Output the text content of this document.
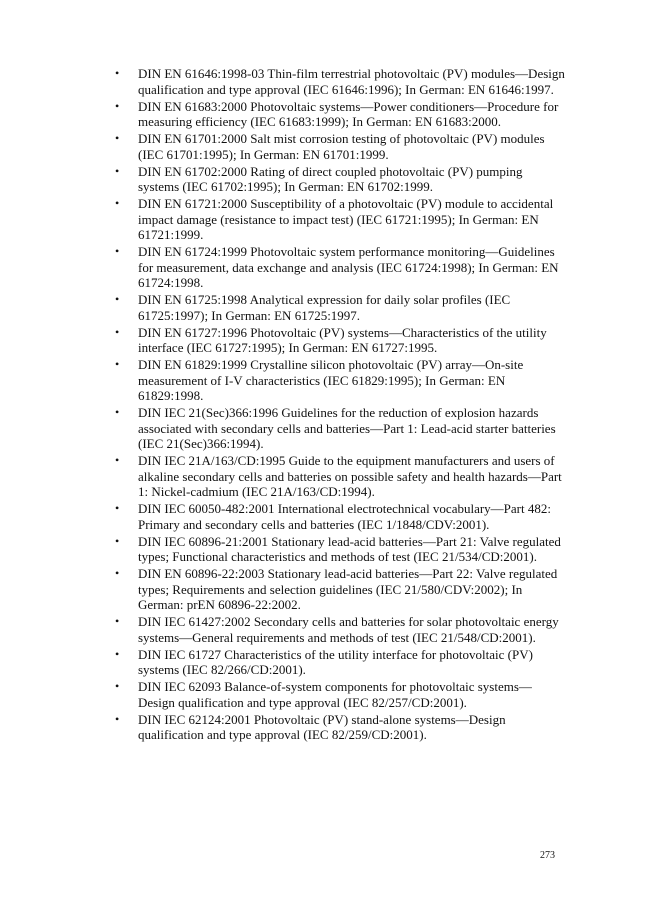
• DIN EN 61646:1998-03 Thin-film terrestrial photovoltaic (PV) modules—Design qualification and type approval (IEC 61646:1996); In German: EN 61646:1997.
• DIN EN 61683:2000 Photovoltaic systems—Power conditioners—Procedure for measuring efficiency (IEC 61683:1999); In German: EN 61683:2000.
• DIN EN 61701:2000 Salt mist corrosion testing of photovoltaic (PV) modules (IEC 61701:1995); In German: EN 61701:1999.
• DIN EN 61702:2000 Rating of direct coupled photovoltaic (PV) pumping systems (IEC 61702:1995); In German: EN 61702:1999.
• DIN EN 61721:2000 Susceptibility of a photovoltaic (PV) module to accidental impact damage (resistance to impact test) (IEC 61721:1995); In German: EN 61721:1999.
• DIN EN 61724:1999 Photovoltaic system performance monitoring—Guidelines for measurement, data exchange and analysis (IEC 61724:1998); In German: EN 61724:1998.
• DIN EN 61725:1998 Analytical expression for daily solar profiles (IEC 61725:1997); In German: EN 61725:1997.
• DIN EN 61727:1996 Photovoltaic (PV) systems—Characteristics of the utility interface (IEC 61727:1995); In German: EN 61727:1995.
• DIN EN 61829:1999 Crystalline silicon photovoltaic (PV) array—On-site measurement of I-V characteristics (IEC 61829:1995); In German: EN 61829:1998.
• DIN IEC 21(Sec)366:1996 Guidelines for the reduction of explosion hazards associated with secondary cells and batteries—Part 1: Lead-acid starter batteries (IEC 21(Sec)366:1994).
• DIN IEC 21A/163/CD:1995 Guide to the equipment manufacturers and users of alkaline secondary cells and batteries on possible safety and health hazards—Part 1: Nickel-cadmium (IEC 21A/163/CD:1994).
• DIN IEC 60050-482:2001 International electrotechnical vocabulary—Part 482: Primary and secondary cells and batteries (IEC 1/1848/CDV:2001).
• DIN IEC 60896-21:2001 Stationary lead-acid batteries—Part 21: Valve regulated types; Functional characteristics and methods of test (IEC 21/534/CD:2001).
• DIN EN 60896-22:2003 Stationary lead-acid batteries—Part 22: Valve regulated types; Requirements and selection guidelines (IEC 21/580/CDV:2002); In German: prEN 60896-22:2002.
• DIN IEC 61427:2002 Secondary cells and batteries for solar photovoltaic energy systems—General requirements and methods of test (IEC 21/548/CD:2001).
• DIN IEC 61727 Characteristics of the utility interface for photovoltaic (PV) systems (IEC 82/266/CD:2001).
• DIN IEC 62093 Balance-of-system components for photovoltaic systems—Design qualification and type approval (IEC 82/257/CD:2001).
• DIN IEC 62124:2001 Photovoltaic (PV) stand-alone systems—Design qualification and type approval (IEC 82/259/CD:2001).
273
